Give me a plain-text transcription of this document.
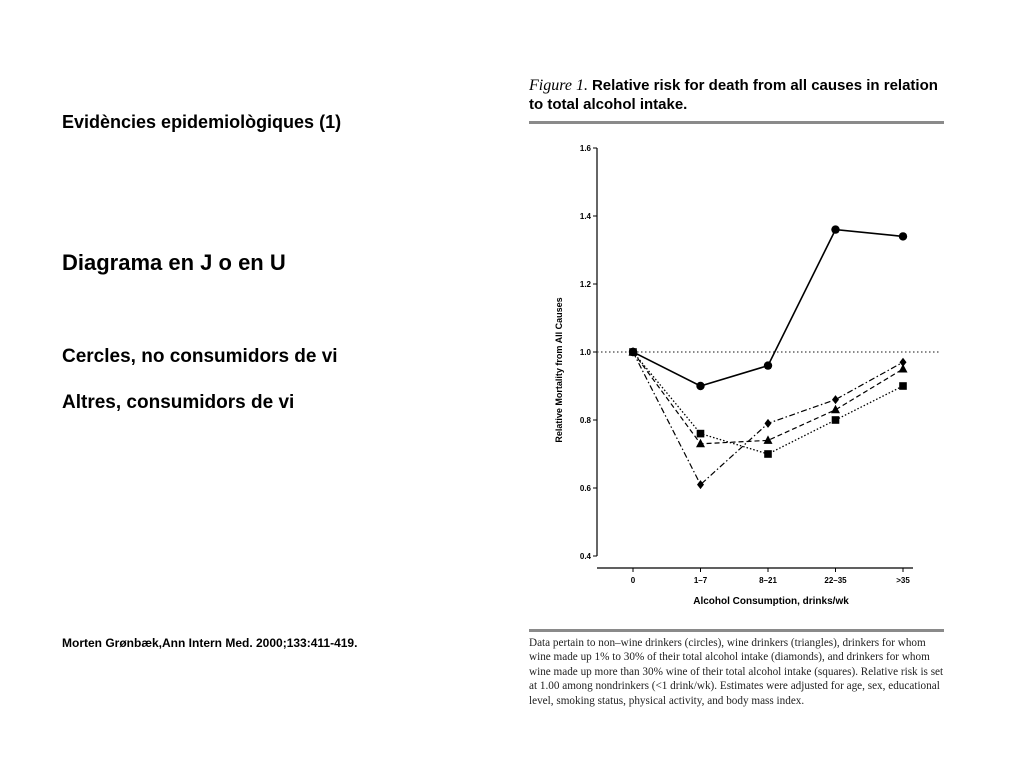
Evidències epidemiològiques (1)
Diagrama en J o en U
Cercles, no consumidors de vi
Altres, consumidors de vi
Morten Grønbæk,Ann Intern Med. 2000;133:411-419.
Figure 1. Relative risk for death from all causes in relation to total alcohol intake.
0.4
0.6
0.8
1.0
1.2
1.4
1.6
0	1–7	8–21	22–35	>35
Alcohol Consumption, drinks/wk
Relative Mortality from All Causes
Data pertain to non–wine drinkers (circles), wine drinkers (triangles), drinkers for whom wine made up 1% to 30% of their total alcohol intake (diamonds), and drinkers for whom wine made up more than 30% wine of their total alcohol intake (squares). Relative risk is set at 1.00 among nondrinkers (<1 drink/wk). Estimates were adjusted for age, sex, educational level, smoking status, physical activity, and body mass index.
